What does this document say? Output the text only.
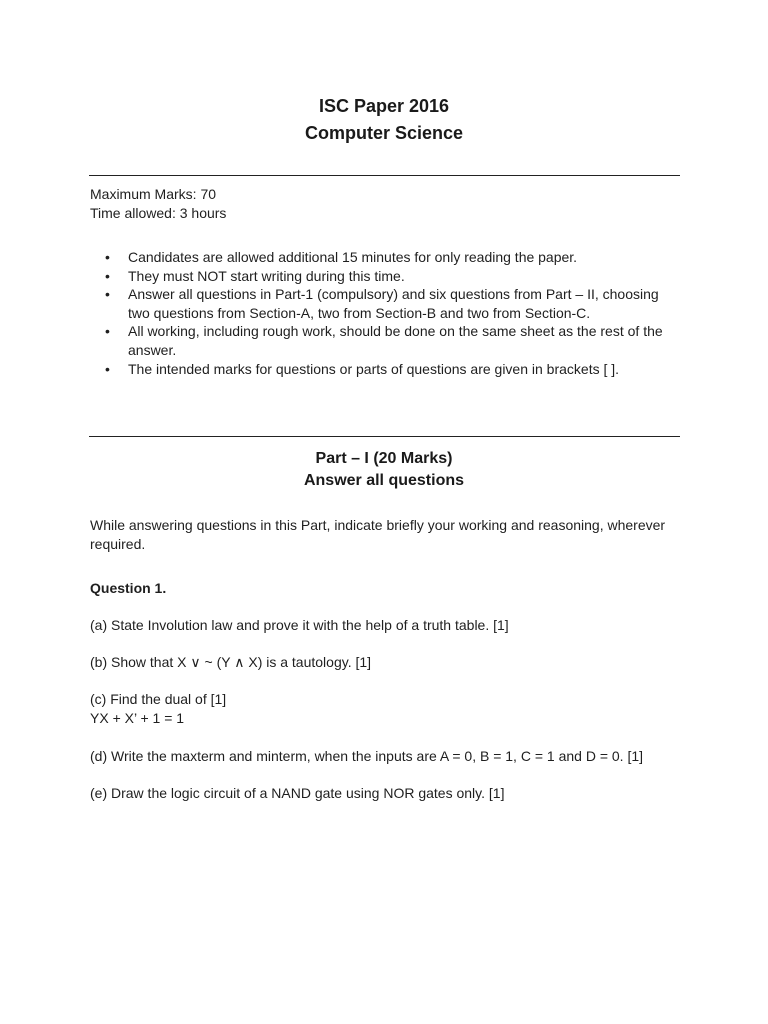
ISC Paper 2016
Computer Science
Maximum Marks: 70
Time allowed: 3 hours
• Candidates are allowed additional 15 minutes for only reading the paper.
• They must NOT start writing during this time.
• Answer all questions in Part-1 (compulsory) and six questions from Part – II, choosing two questions from Section-A, two from Section-B and two from Section-C.
• All working, including rough work, should be done on the same sheet as the rest of the answer.
• The intended marks for questions or parts of questions are given in brackets [ ].
Part – I (20 Marks)
Answer all questions
While answering questions in this Part, indicate briefly your working and reasoning, wherever required.
Question 1.
(a) State Involution law and prove it with the help of a truth table. [1]
(b) Show that X ∨ ~ (Y ∧ X) is a tautology. [1]
(c) Find the dual of [1]
YX + X’ + 1 = 1
(d) Write the maxterm and minterm, when the inputs are A = 0, B = 1, C = 1 and D = 0. [1]
(e) Draw the logic circuit of a NAND gate using NOR gates only. [1]
